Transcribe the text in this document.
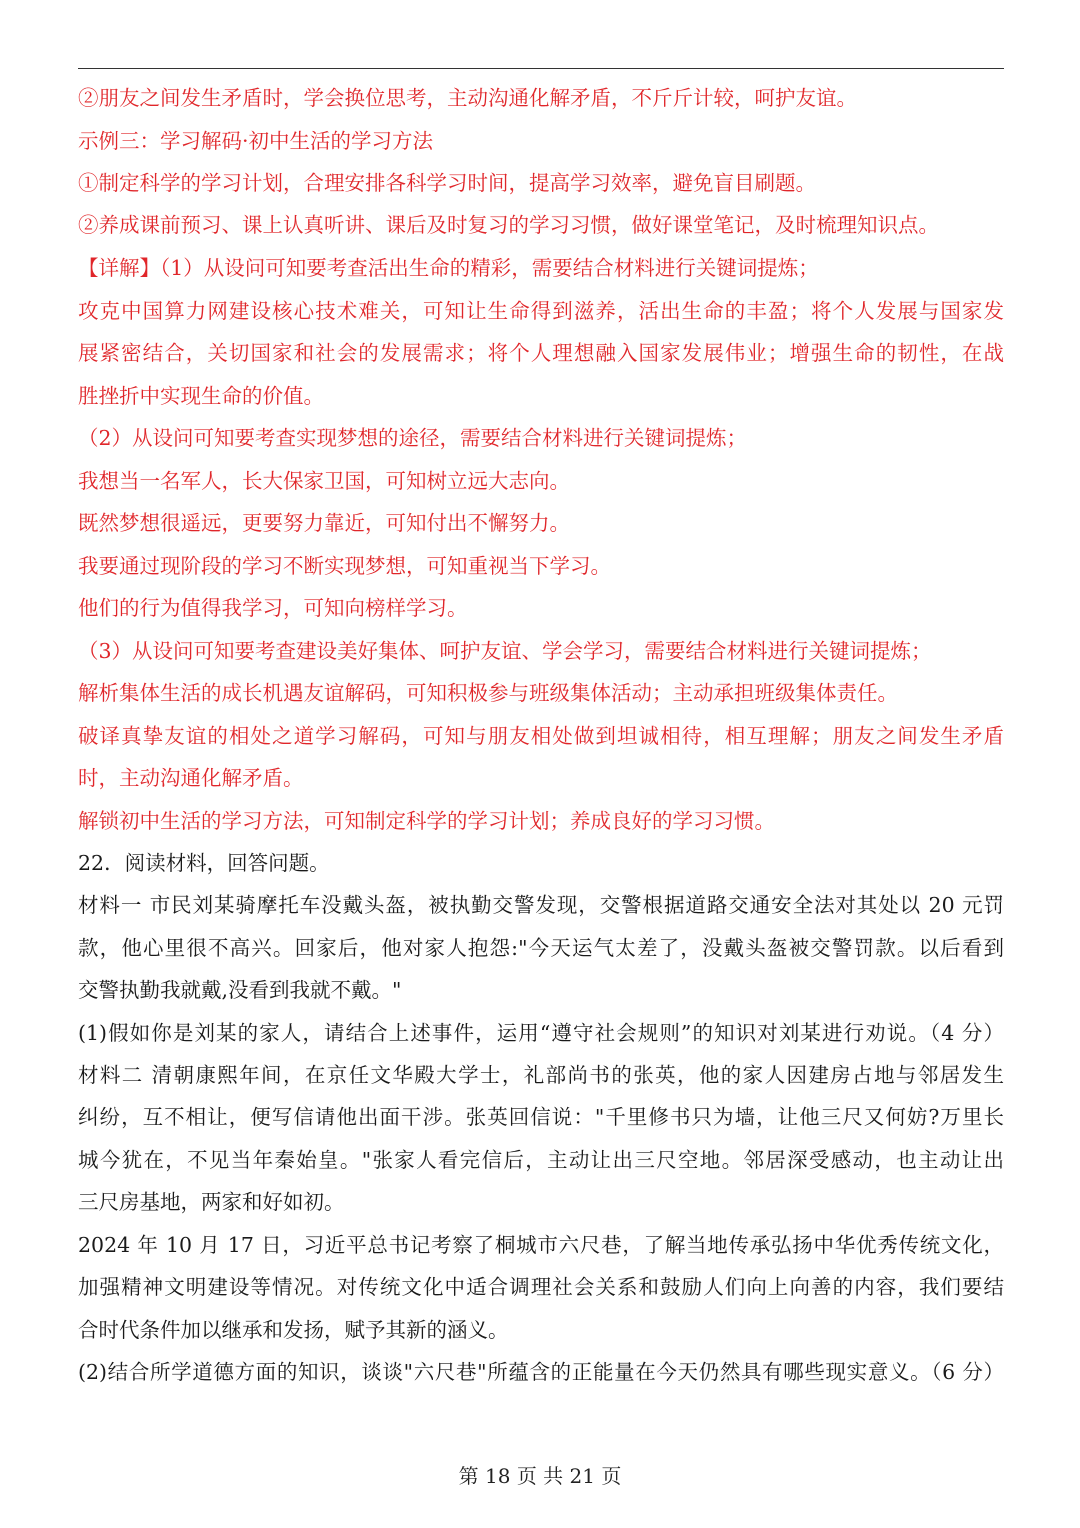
②朋友之间发生矛盾时，学会换位思考，主动沟通化解矛盾，不斤斤计较，呵护友谊。
示例三：学习解码·初中生活的学习方法
①制定科学的学习计划，合理安排各科学习时间，提高学习效率，避免盲目刷题。
②养成课前预习、课上认真听讲、课后及时复习的学习习惯，做好课堂笔记，及时梳理知识点。
【详解】（1）从设问可知要考查活出生命的精彩，需要结合材料进行关键词提炼；
攻克中国算力网建设核心技术难关，可知让生命得到滋养，活出生命的丰盈；将个人发展与国家发
展紧密结合，关切国家和社会的发展需求；将个人理想融入国家发展伟业；增强生命的韧性，在战
胜挫折中实现生命的价值。
（2）从设问可知要考查实现梦想的途径，需要结合材料进行关键词提炼；
我想当一名军人，长大保家卫国，可知树立远大志向。
既然梦想很遥远，更要努力靠近，可知付出不懈努力。
我要通过现阶段的学习不断实现梦想，可知重视当下学习。
他们的行为值得我学习，可知向榜样学习。
（3）从设问可知要考查建设美好集体、呵护友谊、学会学习，需要结合材料进行关键词提炼；
解析集体生活的成长机遇友谊解码，可知积极参与班级集体活动；主动承担班级集体责任。
破译真挚友谊的相处之道学习解码，可知与朋友相处做到坦诚相待，相互理解；朋友之间发生矛盾
时，主动沟通化解矛盾。
解锁初中生活的学习方法，可知制定科学的学习计划；养成良好的学习习惯。
22．阅读材料，回答问题。
材料一 市民刘某骑摩托车没戴头盔，被执勤交警发现，交警根据道路交通安全法对其处以 20 元罚
款，他心里很不高兴。回家后，他对家人抱怨:"今天运气太差了，没戴头盔被交警罚款。以后看到
交警执勤我就戴,没看到我就不戴。"
(1)假如你是刘某的家人，请结合上述事件，运用“遵守社会规则”的知识对刘某进行劝说。（4 分）
材料二 清朝康熙年间，在京任文华殿大学士，礼部尚书的张英，他的家人因建房占地与邻居发生
纠纷，互不相让，便写信请他出面干涉。张英回信说："千里修书只为墙，让他三尺又何妨?万里长
城今犹在，不见当年秦始皇。"张家人看完信后，主动让出三尺空地。邻居深受感动，也主动让出
三尺房基地，两家和好如初。
2024 年 10 月 17 日，习近平总书记考察了桐城市六尺巷，了解当地传承弘扬中华优秀传统文化，
加强精神文明建设等情况。对传统文化中适合调理社会关系和鼓励人们向上向善的内容，我们要结
合时代条件加以继承和发扬，赋予其新的涵义。
(2)结合所学道德方面的知识，谈谈"六尺巷"所蕴含的正能量在今天仍然具有哪些现实意义。（6 分）
第 18 页 共 21 页
